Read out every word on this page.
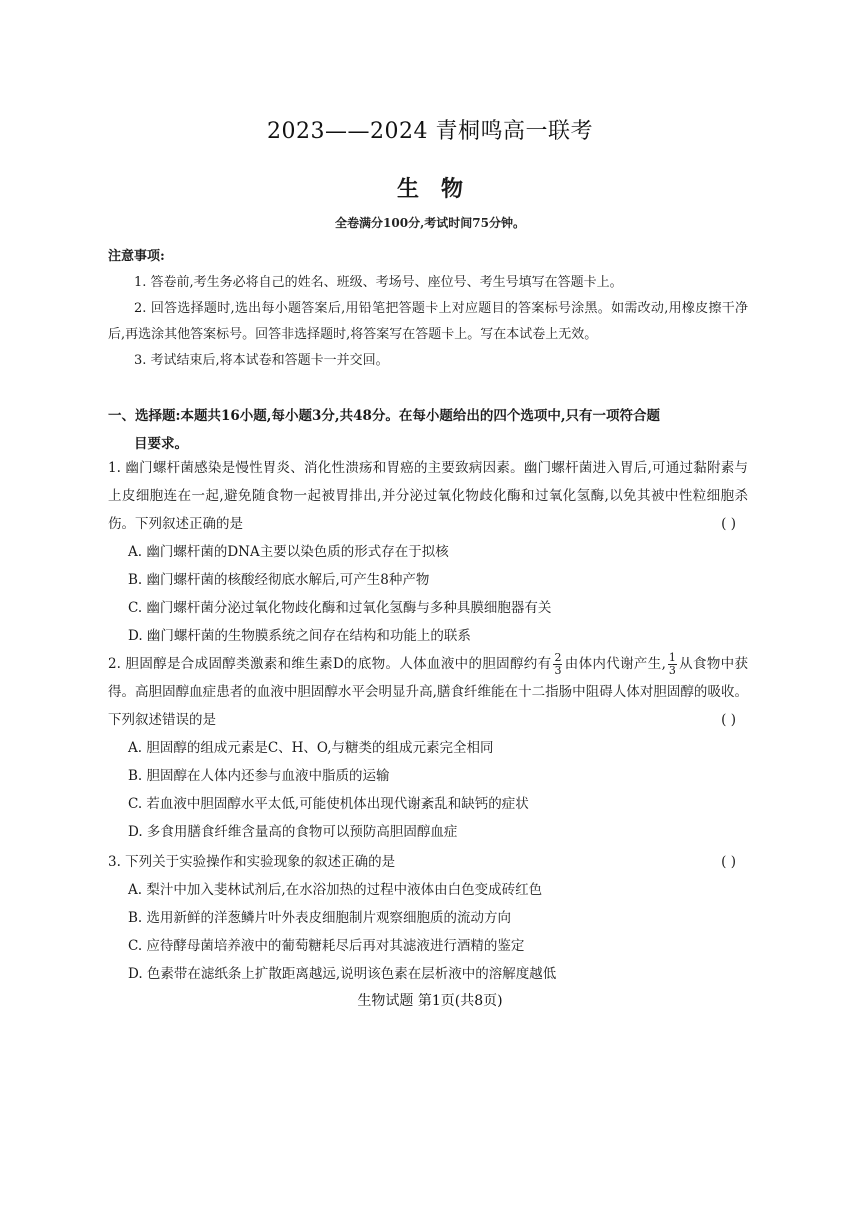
2023——2024 青桐鸣高一联考
生物
全卷满分100分,考试时间75分钟。
注意事项:
1. 答卷前,考生务必将自己的姓名、班级、考场号、座位号、考生号填写在答题卡上。
2. 回答选择题时,选出每小题答案后,用铅笔把答题卡上对应题目的答案标号涂黑。如需改动,用橡皮擦干净后,再选涂其他答案标号。回答非选择题时,将答案写在答题卡上。写在本试卷上无效。
3. 考试结束后,将本试卷和答题卡一并交回。
一、选择题:本题共16小题,每小题3分,共48分。在每小题给出的四个选项中,只有一项符合题
目要求。
1. 幽门螺杆菌感染是慢性胃炎、消化性溃疡和胃癌的主要致病因素。幽门螺杆菌进入胃后,可通过黏附素与上皮细胞连在一起,避免随食物一起被胃排出,并分泌过氧化物歧化酶和过氧化氢酶,以免其被中性粒细胞杀伤。下列叙述正确的是	( )
A. 幽门螺杆菌的DNA主要以染色质的形式存在于拟核
B. 幽门螺杆菌的核酸经彻底水解后,可产生8种产物
C. 幽门螺杆菌分泌过氧化物歧化酶和过氧化氢酶与多种具膜细胞器有关
D. 幽门螺杆菌的生物膜系统之间存在结构和功能上的联系
2. 胆固醇是合成固醇类激素和维生素D的底物。人体血液中的胆固醇约有 $\frac{2}{3}$ 由体内代谢产生, $\frac{1}{3}$ 从食物中获得。高胆固醇血症患者的血液中胆固醇水平会明显升高,膳食纤维能在十二指肠中阻碍人体对胆固醇的吸收。下列叙述错误的是	( )
A. 胆固醇的组成元素是C、H、O,与糖类的组成元素完全相同
B. 胆固醇在人体内还参与血液中脂质的运输
C. 若血液中胆固醇水平太低,可能使机体出现代谢紊乱和缺钙的症状
D. 多食用膳食纤维含量高的食物可以预防高胆固醇血症
3. 下列关于实验操作和实验现象的叙述正确的是	( )
A. 梨汁中加入斐林试剂后,在水浴加热的过程中液体由白色变成砖红色
B. 选用新鲜的洋葱鳞片叶外表皮细胞制片观察细胞质的流动方向
C. 应待酵母菌培养液中的葡萄糖耗尽后再对其滤液进行酒精的鉴定
D. 色素带在滤纸条上扩散距离越远,说明该色素在层析液中的溶解度越低
生物试题 第1页(共8页)
